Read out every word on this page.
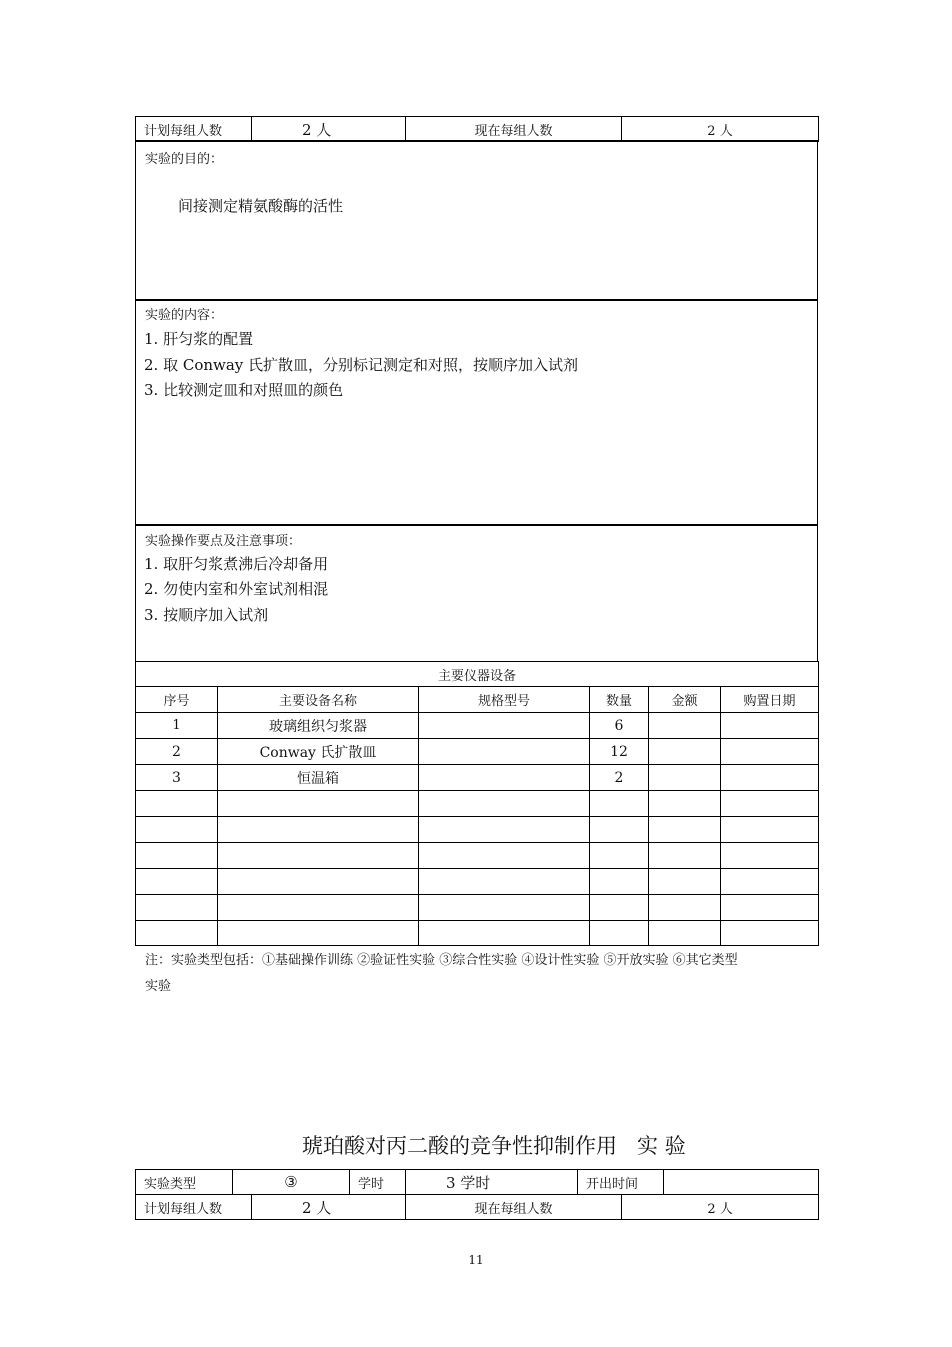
计划每组人数	2 人	现在每组人数	2 人
实验的目的：
间接测定精氨酸酶的活性
实验的内容：
1. 肝匀浆的配置
2. 取 Conway 氏扩散皿，分别标记测定和对照，按顺序加入试剂
3. 比较测定皿和对照皿的颜色
实验操作要点及注意事项：
1. 取肝匀浆煮沸后冷却备用
2. 勿使内室和外室试剂相混
3. 按顺序加入试剂
主要仪器设备					
序号	主要设备名称	规格型号	数量	金额	购置日期
1	玻璃组织匀浆器		6		
2	Conway 氏扩散皿		12		
3	恒温箱		2		

注：实验类型包括：①基础操作训练 ②验证性实验 ③综合性实验 ④设计性实验 ⑤开放实验 ⑥其它类型
实验
琥珀酸对丙二酸的竞争性抑制作用   实 验
实验类型	③		学时	3 学时	开出时间		
计划每组人数		2 人		现在每组人数		2 人	
11
